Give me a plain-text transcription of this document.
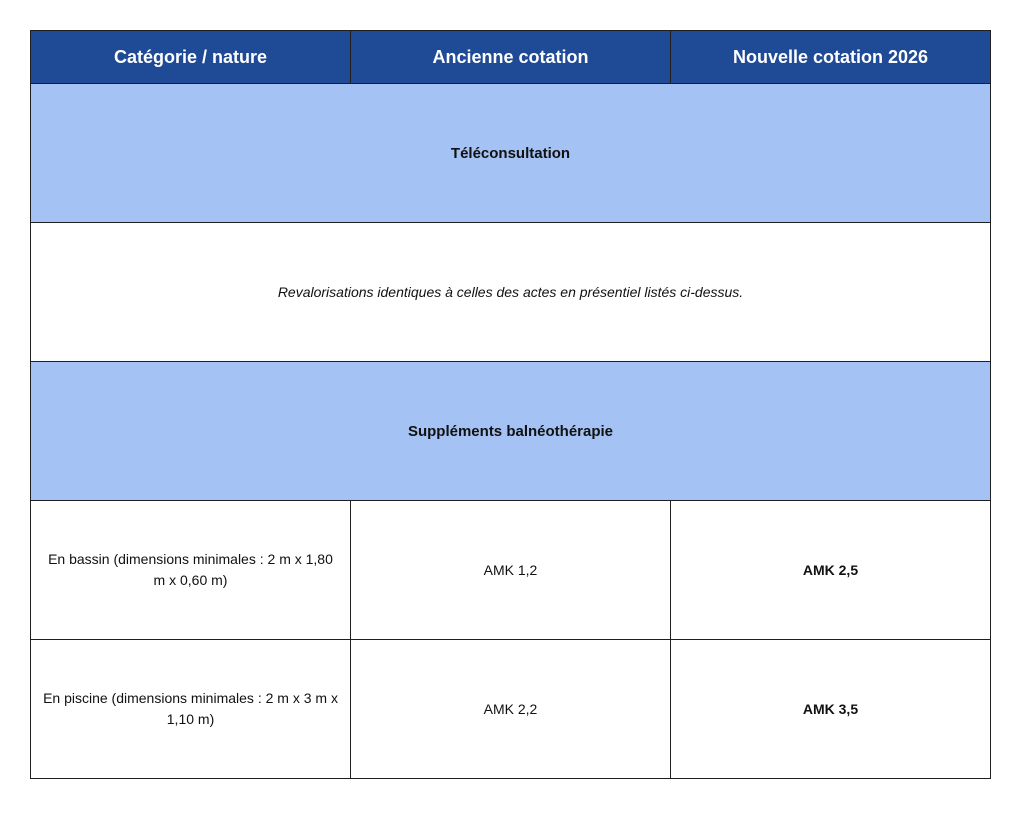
Catégorie / nature	Ancienne cotation	Nouvelle cotation 2026
Téléconsultation		
Revalorisations identiques à celles des actes en présentiel listés ci-dessus.		
Suppléments balnéothérapie		
En bassin (dimensions minimales : 2 m x 1,80 m x 0,60 m)	AMK 1,2	AMK 2,5
En piscine (dimensions minimales : 2 m x 3 m x 1,10 m)	AMK 2,2	AMK 3,5
